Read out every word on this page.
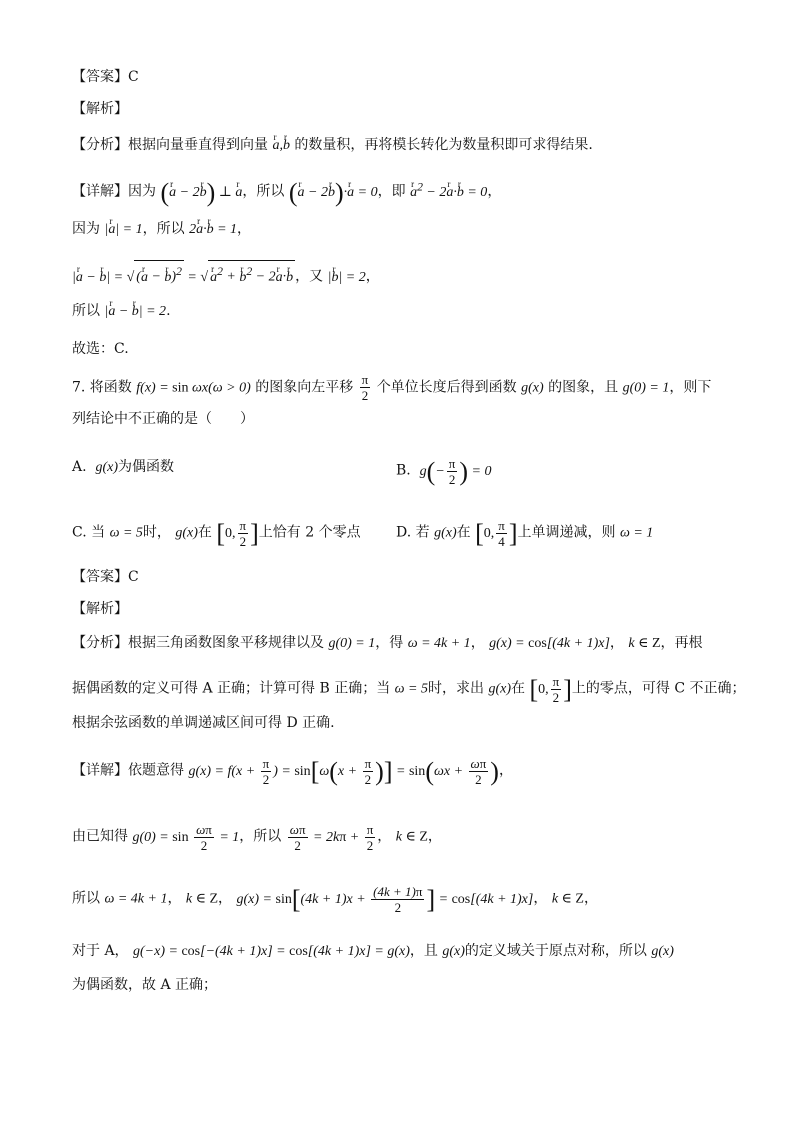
【答案】C
【解析】
【分析】根据向量垂直得到向量 r a,r b 的数量积，再将模长转化为数量积即可求得结果.
【详解】因为 (r a − 2r b) ⊥ r a，所以 (r a − 2r b)·r a = 0，即 r $a^2 - 2r$ a·r b = 0，
因为 |r a| = 1，所以 2r a·r b = 1，
|r a − r b| = √ (r a − r b)$^2$ = √ r $a^2 + r$ $b^2 - 2r$ a·r b ，又 |r b| = 2，
所以 |r a − r b| = 2.
故选：C.
7. 将函数 f(x) = sin ωx(ω > 0) 的图象向左平移 $\frac{\pi}{2}$ 个单位长度后得到函数 g(x) 的图象，且 g(0) = 1，则下
列结论中不正确的是（　　）
A. g(x)为偶函数	B. $g(- \frac{\pi}{2}$ ) = 0
C. 当 ω = 5时， g(x)在 [0, $\frac{\pi}{2}$ ]上恰有 2 个零点	D. 若 g(x)在 [0, $\frac{\pi}{4}$ ]上单调递减，则 ω = 1
【答案】C
【解析】
【分析】根据三角函数图象平移规律以及 g(0) = 1，得 ω = 4k + 1， g(x) = cos[(4k + 1)x]， k ∈ Z，再根
据偶函数的定义可得 A 正确；计算可得 B 正确；当 ω = 5时，求出 g(x)在 [0, $\frac{\pi}{2}$ ]上的零点，可得 C 不正确；
根据余弦函数的单调递减区间可得 D 正确.
【详解】依题意得 $g(x) = f(x + \frac{\pi}{2}$ ) = $\sin[\omega(x + \frac{\pi}{2}$ )] = $\sin(\omega x + \frac{\omega\pi}{2}$ )，
由已知得 $g(0) = \sin \frac{\omega\pi}{2} = 1$，所以 $\frac{\omega\pi}{2} = 2k\pi + \frac{\pi}{2}$ ， k ∈ Z，
所以 ω = 4k + 1， k ∈ Z， $g(x) = \sin[(4k + 1)x + \frac{(4k + 1)\pi}{2}$ ] = cos[(4k + 1)x]， k ∈ Z，
对于 A， g(−x) = cos[−(4k + 1)x] = cos[(4k + 1)x] = g(x)，且 g(x)的定义域关于原点对称，所以 g(x)
为偶函数，故 A 正确；
